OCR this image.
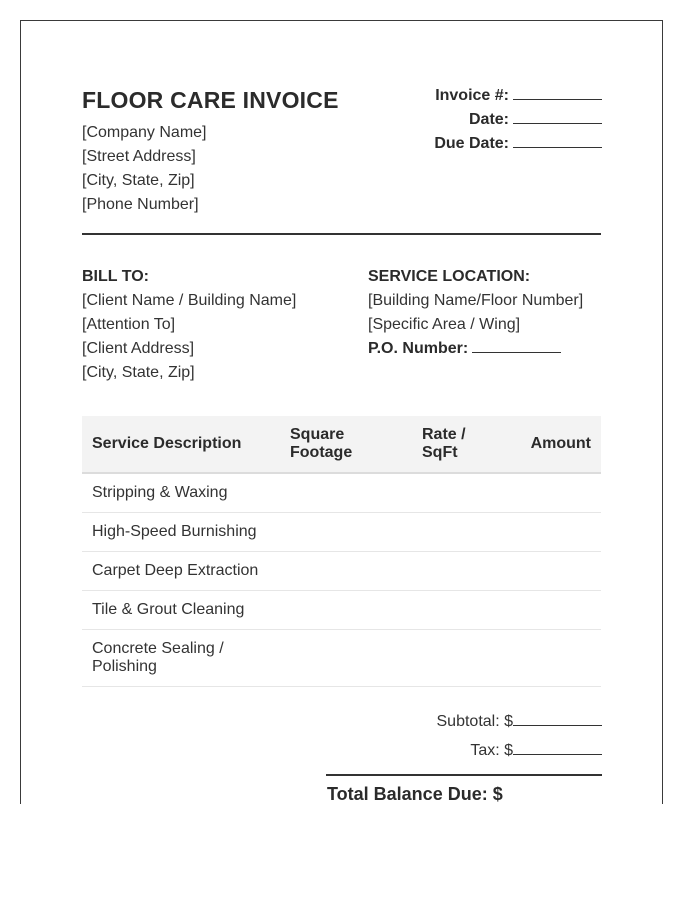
FLOOR CARE INVOICE
[Company Name]
[Street Address]
[City, State, Zip]
[Phone Number]
Invoice #:
Date:
Due Date:
BILL TO:
[Client Name / Building Name]
[Attention To]
[Client Address]
[City, State, Zip]
SERVICE LOCATION:
[Building Name/Floor Number]
[Specific Area / Wing]
P.O. Number:
Service Description	Square Footage	Rate / SqFt	Amount
Stripping & Waxing			
High-Speed Burnishing			
Carpet Deep Extraction			
Tile & Grout Cleaning			
Concrete Sealing / Polishing			
Subtotal: $
Tax: $
Total Balance Due: $
